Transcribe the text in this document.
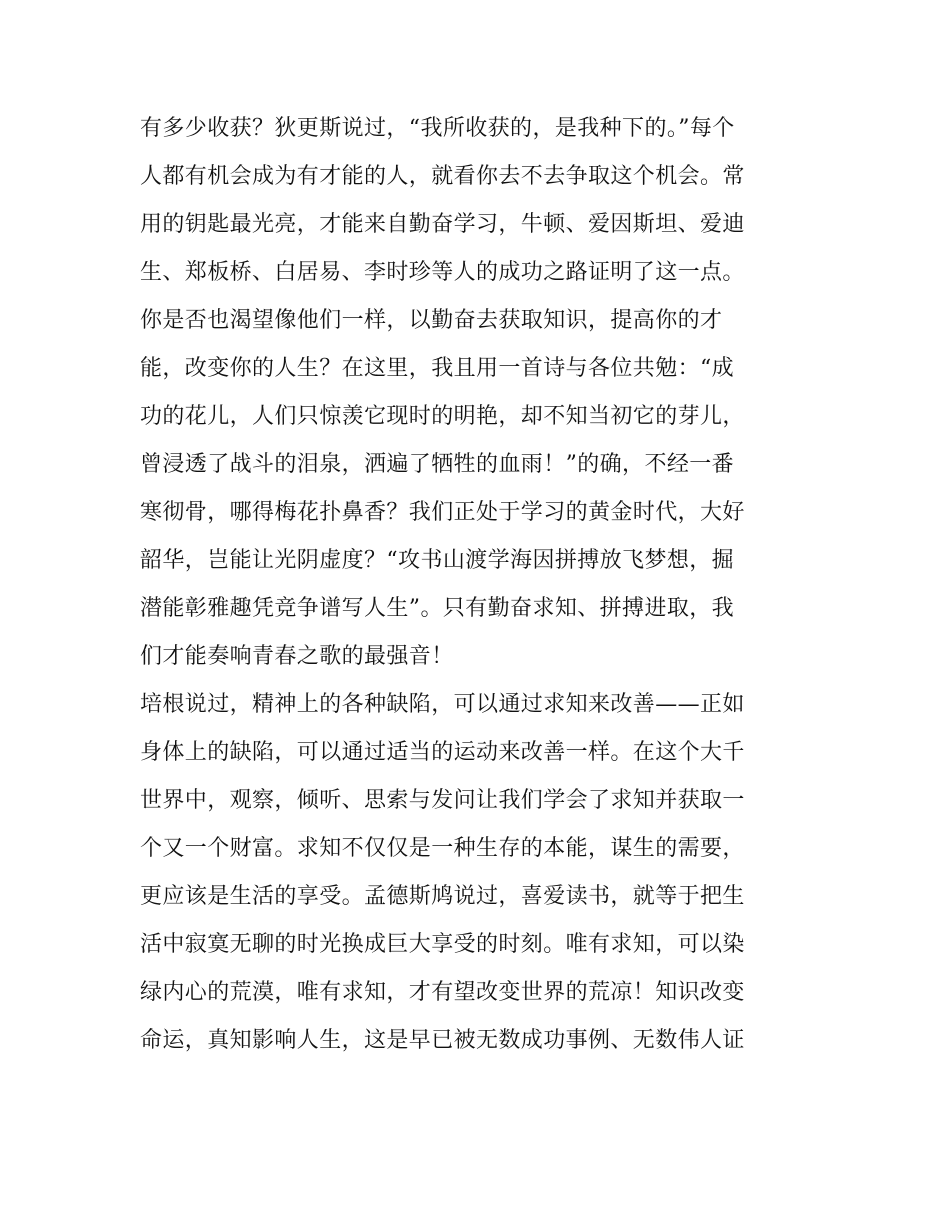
有多少收获？狄更斯说过，“我所收获的，是我种下的。”每个
人都有机会成为有才能的人，就看你去不去争取这个机会。常
用的钥匙最光亮，才能来自勤奋学习，牛顿、爱因斯坦、爱迪
生、郑板桥、白居易、李时珍等人的成功之路证明了这一点。
你是否也渴望像他们一样，以勤奋去获取知识，提高你的才
能，改变你的人生？在这里，我且用一首诗与各位共勉：“成
功的花儿，人们只惊羡它现时的明艳，却不知当初它的芽儿，
曾浸透了战斗的泪泉，洒遍了牺牲的血雨！”的确，不经一番
寒彻骨，哪得梅花扑鼻香？我们正处于学习的黄金时代，大好
韶华，岂能让光阴虚度？“攻书山渡学海因拼搏放飞梦想，掘
潜能彰雅趣凭竞争谱写人生”。只有勤奋求知、拼搏进取，我
们才能奏响青春之歌的最强音！
培根说过，精神上的各种缺陷，可以通过求知来改善——正如
身体上的缺陷，可以通过适当的运动来改善一样。在这个大千
世界中，观察，倾听、思索与发问让我们学会了求知并获取一
个又一个财富。求知不仅仅是一种生存的本能，谋生的需要，
更应该是生活的享受。孟德斯鸠说过，喜爱读书，就等于把生
活中寂寞无聊的时光换成巨大享受的时刻。唯有求知，可以染
绿内心的荒漠，唯有求知，才有望改变世界的荒凉！知识改变
命运，真知影响人生，这是早已被无数成功事例、无数伟人证
